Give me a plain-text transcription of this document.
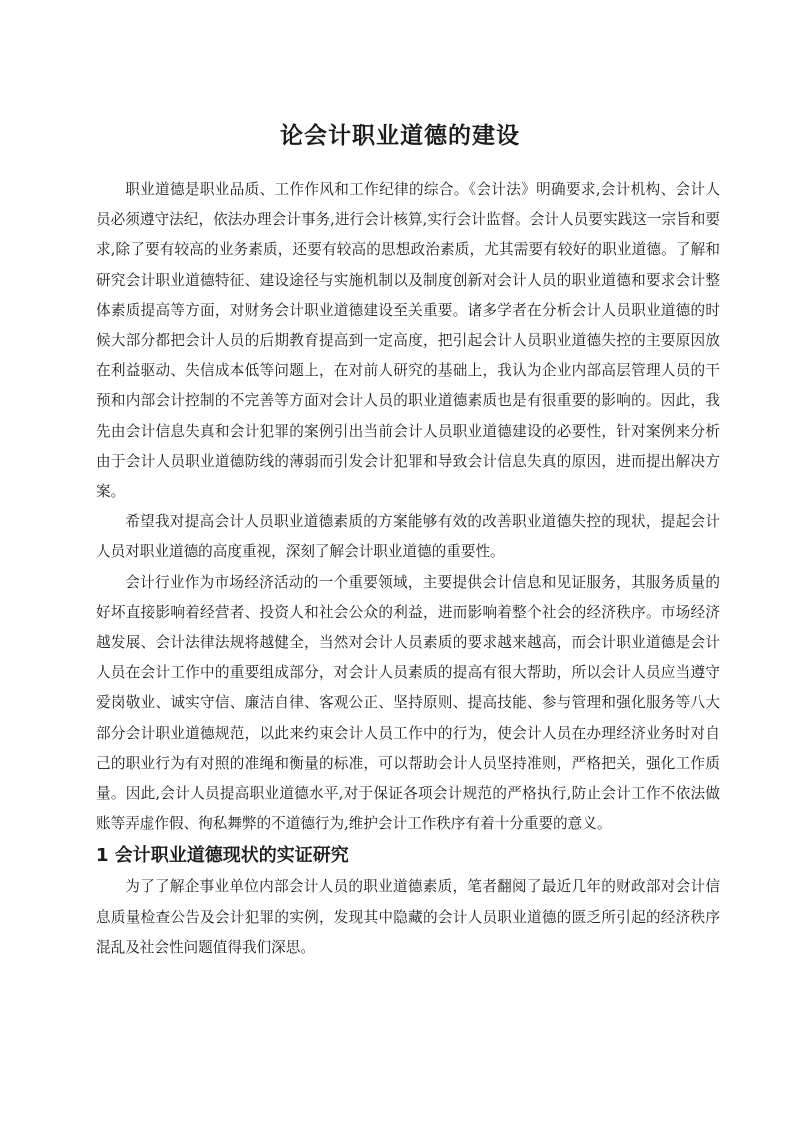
论会计职业道德的建设

职业道德是职业品质、工作作风和工作纪律的综合。《会计法》明确要求,会计机构、会计人员必须遵守法纪，依法办理会计事务,进行会计核算,实行会计监督。会计人员要实践这一宗旨和要求,除了要有较高的业务素质，还要有较高的思想政治素质，尤其需要有较好的职业道德。了解和研究会计职业道德特征、建设途径与实施机制以及制度创新对会计人员的职业道德和要求会计整体素质提高等方面，对财务会计职业道德建设至关重要。诸多学者在分析会计人员职业道德的时候大部分都把会计人员的后期教育提高到一定高度，把引起会计人员职业道德失控的主要原因放在利益驱动、失信成本低等问题上，在对前人研究的基础上，我认为企业内部高层管理人员的干预和内部会计控制的不完善等方面对会计人员的职业道德素质也是有很重要的影响的。因此，我先由会计信息失真和会计犯罪的案例引出当前会计人员职业道德建设的必要性，针对案例来分析由于会计人员职业道德防线的薄弱而引发会计犯罪和导致会计信息失真的原因，进而提出解决方案。

希望我对提高会计人员职业道德素质的方案能够有效的改善职业道德失控的现状，提起会计人员对职业道德的高度重视，深刻了解会计职业道德的重要性。

会计行业作为市场经济活动的一个重要领域，主要提供会计信息和见证服务，其服务质量的好坏直接影响着经营者、投资人和社会公众的利益，进而影响着整个社会的经济秩序。市场经济越发展、会计法律法规将越健全，当然对会计人员素质的要求越来越高，而会计职业道德是会计人员在会计工作中的重要组成部分，对会计人员素质的提高有很大帮助，所以会计人员应当遵守爱岗敬业、诚实守信、廉洁自律、客观公正、坚持原则、提高技能、参与管理和强化服务等八大部分会计职业道德规范，以此来约束会计人员工作中的行为，使会计人员在办理经济业务时对自己的职业行为有对照的准绳和衡量的标准，可以帮助会计人员坚持准则，严格把关，强化工作质量。因此,会计人员提高职业道德水平,对于保证各项会计规范的严格执行,防止会计工作不依法做账等弄虚作假、徇私舞弊的不道德行为,维护会计工作秩序有着十分重要的意义。

1 会计职业道德现状的实证研究

为了了解企事业单位内部会计人员的职业道德素质，笔者翻阅了最近几年的财政部对会计信息质量检查公告及会计犯罪的实例，发现其中隐藏的会计人员职业道德的匮乏所引起的经济秩序混乱及社会性问题值得我们深思。
